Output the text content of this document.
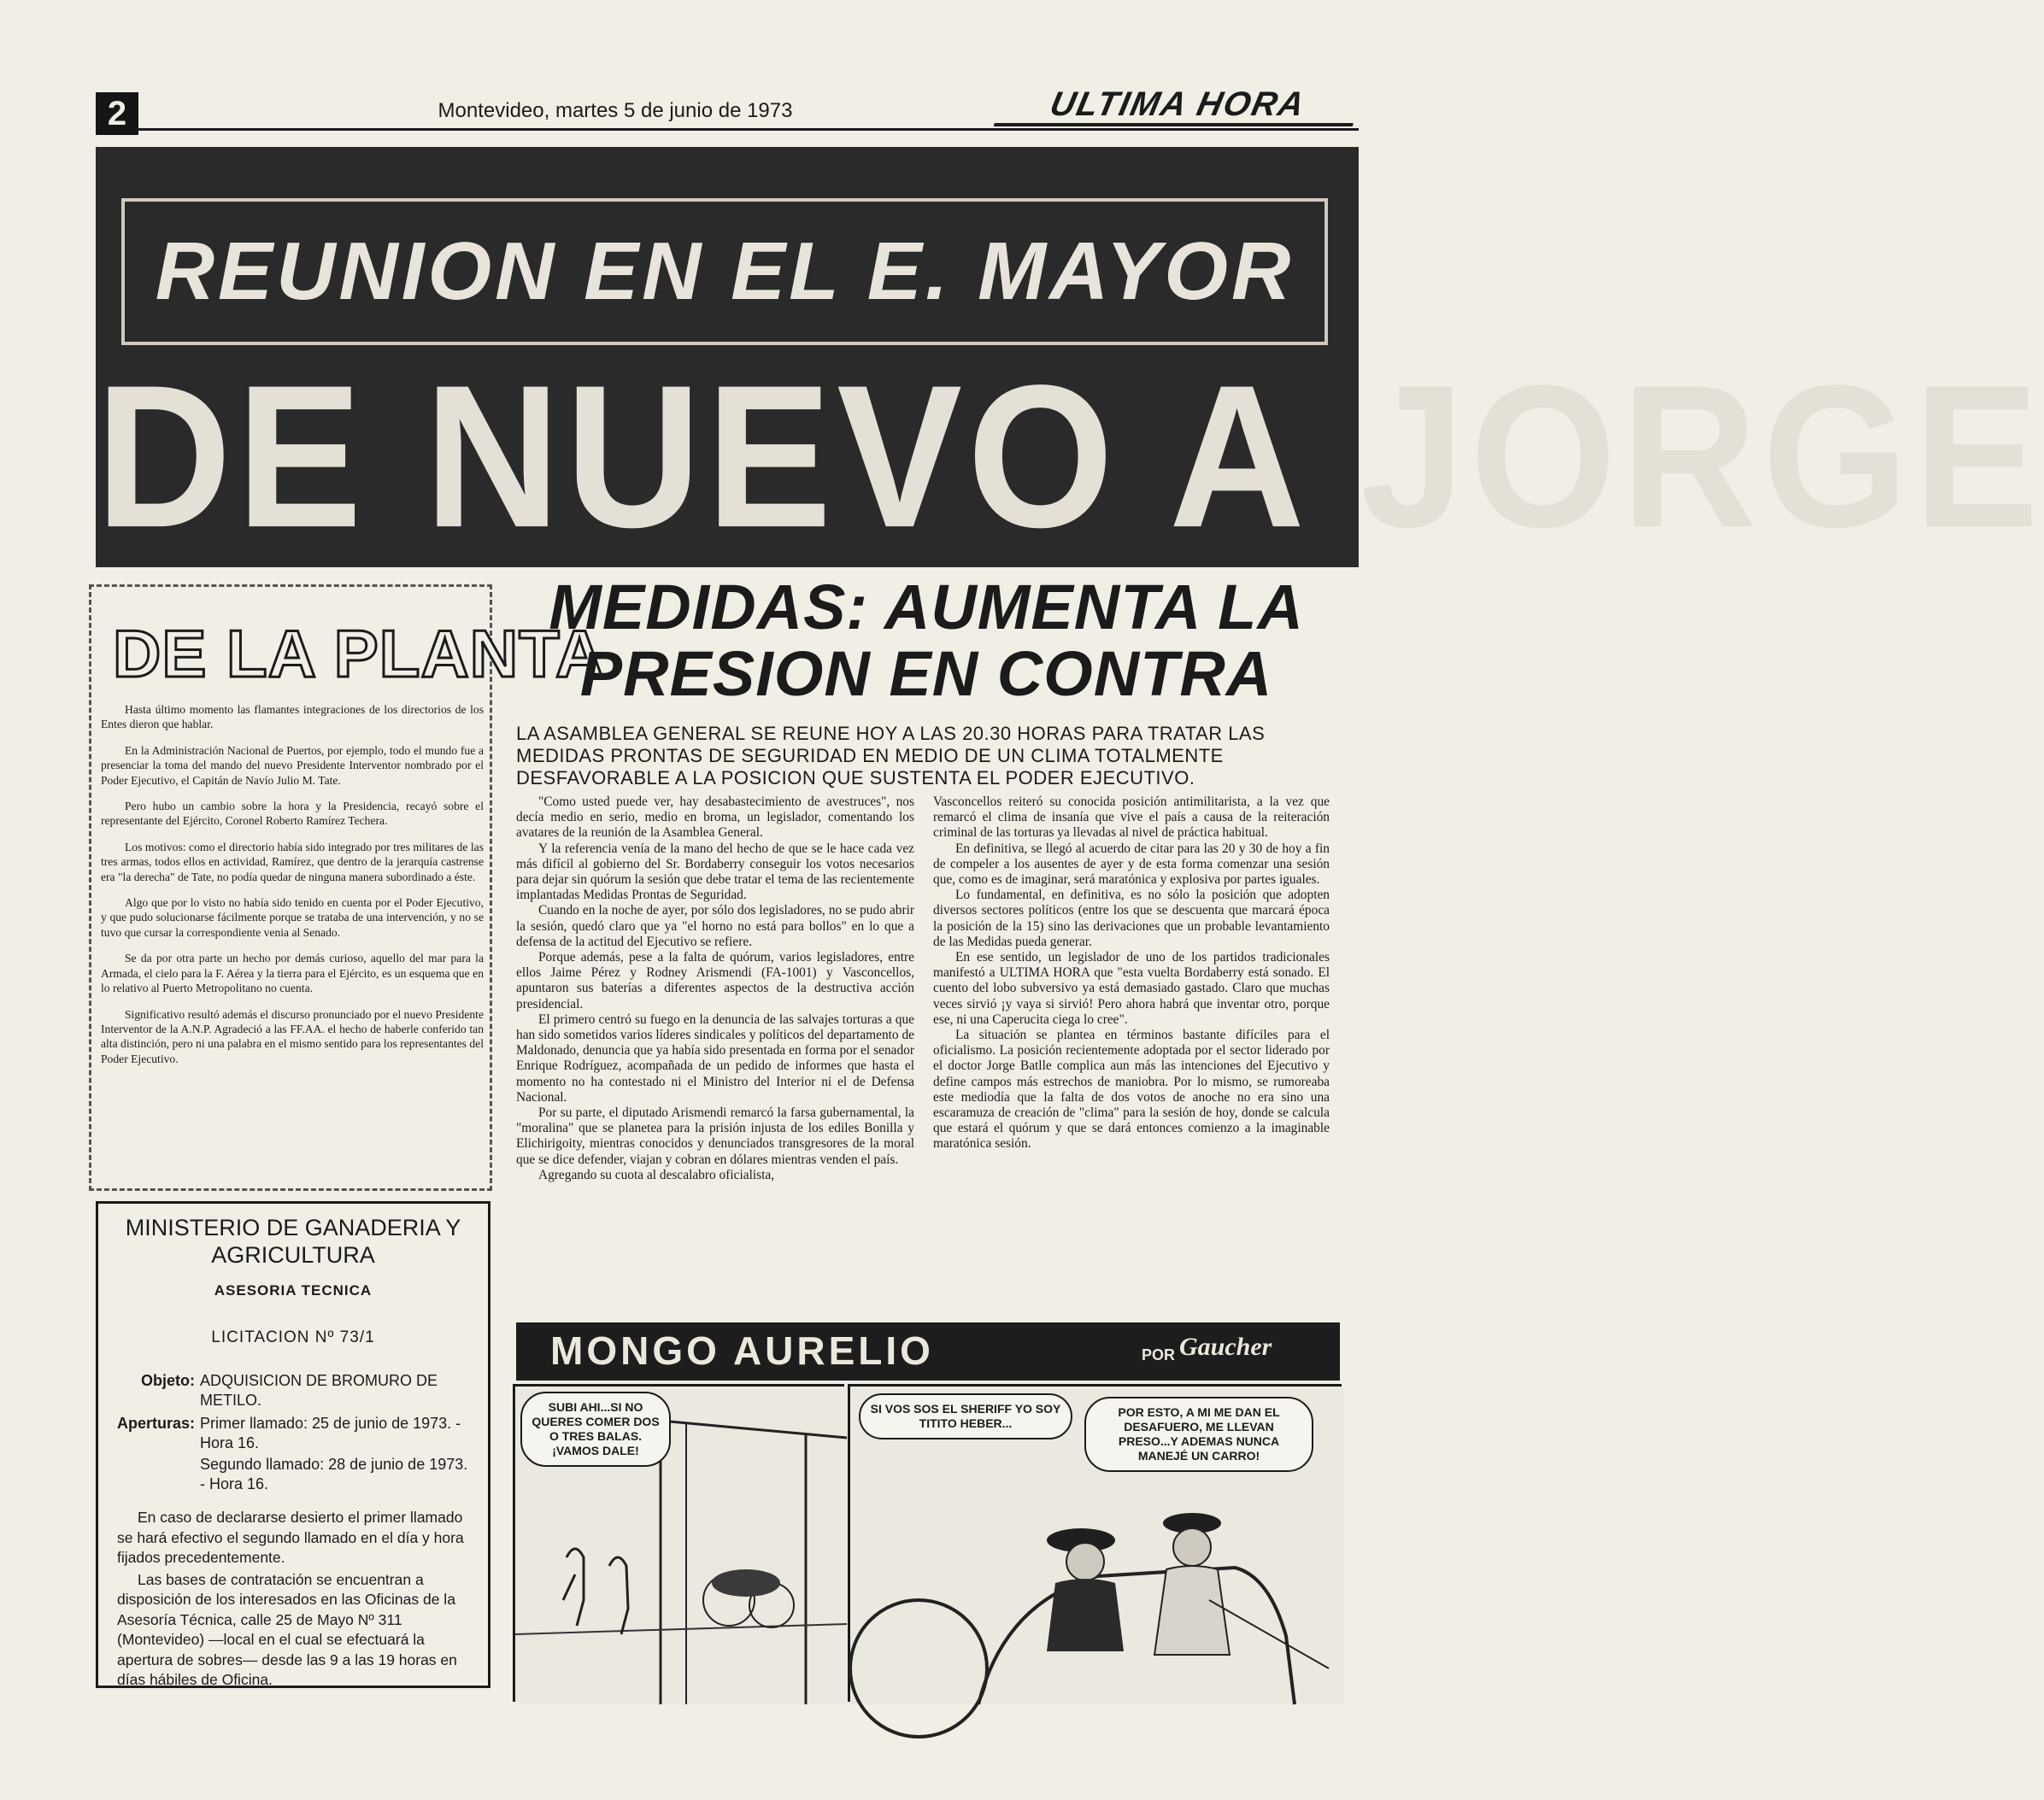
2	Montevideo, martes 5 de junio de 1973	ULTIMA HORA
REUNION EN EL E. MAYOR
DE NUEVO A JORGE
DE LA PLANTA

Hasta último momento las flamantes integraciones de los directorios de los Entes dieron que hablar.

En la Administración Nacional de Puertos, por ejemplo, todo el mundo fue a presenciar la toma del mando del nuevo Presidente Interventor nombrado por el Poder Ejecutivo, el Capitán de Navío Julio M. Tate.

Pero hubo un cambio sobre la hora y la Presidencia, recayó sobre el representante del Ejército, Coronel Roberto Ramírez Techera.

Los motivos: como el directorio había sido integrado por tres militares de las tres armas, todos ellos en actividad, Ramírez, que dentro de la jerarquía castrense era "la derecha" de Tate, no podía quedar de ninguna manera subordinado a éste.

Algo que por lo visto no había sido tenido en cuenta por el Poder Ejecutivo, y que pudo solucionarse fácilmente porque se trataba de una intervención, y no se tuvo que cursar la correspondiente venia al Senado.

Se da por otra parte un hecho por demás curioso, aquello del mar para la Armada, el cielo para la F. Aérea y la tierra para el Ejército, es un esquema que en lo relativo al Puerto Metropolitano no cuenta.

Significativo resultó además el discurso pronunciado por el nuevo Presidente Interventor de la A.N.P. Agradeció a las FF.AA. el hecho de haberle conferido tan alta distinción, pero ni una palabra en el mismo sentido para los representantes del Poder Ejecutivo.

MINISTERIO DE GANADERIA Y AGRICULTURA
ASESORIA TECNICA
LICITACION Nº 73/1
Objeto: ADQUISICION DE BROMURO DE METILO.
Aperturas: Primer llamado: 25 de junio de 1973. - Hora 16.
Segundo llamado: 28 de junio de 1973. - Hora 16.

En caso de declararse desierto el primer llamado se hará efectivo el segundo llamado en el día y hora fijados precedentemente.

Las bases de contratación se encuentran a disposición de los interesados en las Oficinas de la Asesoría Técnica, calle 25 de Mayo Nº 311 (Montevideo) —local en el cual se efectuará la apertura de sobres— desde las 9 a las 19 horas en días hábiles de Oficina.

MEDIDAS: AUMENTA LA PRESION EN CONTRA
LA ASAMBLEA GENERAL SE REUNE HOY A LAS 20.30 HORAS PARA TRATAR LAS MEDIDAS PRONTAS DE SEGURIDAD EN MEDIO DE UN CLIMA TOTALMENTE DESFAVORABLE A LA POSICION QUE SUSTENTA EL PODER EJECUTIVO.

"Como usted puede ver, hay desabastecimiento de avestruces", nos decía medio en serio, medio en broma, un legislador, comentando los avatares de la reunión de la Asamblea General.

Y la referencia venía de la mano del hecho de que se le hace cada vez más difícil al gobierno del Sr. Bordaberry conseguir los votos necesarios para dejar sin quórum la sesión que debe tratar el tema de las recientemente implantadas Medidas Prontas de Seguridad.

Cuando en la noche de ayer, por sólo dos legisladores, no se pudo abrir la sesión, quedó claro que ya "el horno no está para bollos" en lo que a defensa de la actitud del Ejecutivo se refiere.

Porque además, pese a la falta de quórum, varios legisladores, entre ellos Jaime Pérez y Rodney Arismendi (FA-1001) y Vasconcellos, apuntaron sus baterías a diferentes aspectos de la destructiva acción presidencial.

El primero centró su fuego en la denuncia de las salvajes torturas a que han sido sometidos varios líderes sindicales y políticos del departamento de Maldonado, denuncia que ya había sido presentada en forma por el senador Enrique Rodríguez, acompañada de un pedido de informes que hasta el momento no ha contestado ni el Ministro del Interior ni el de Defensa Nacional.

Por su parte, el diputado Arismendi remarcó la farsa gubernamental, la "moralina" que se planetea para la prisión injusta de los ediles Bonilla y Elichirigoity, mientras conocidos y denunciados transgresores de la moral que se dice defender, viajan y cobran en dólares mientras venden el país.

Agregando su cuota al descalabro oficialista,

Vasconcellos reiteró su conocida posición antimilitarista, a la vez que remarcó el clima de insanía que vive el país a causa de la reiteración criminal de las torturas ya llevadas al nivel de práctica habitual.

En definitiva, se llegó al acuerdo de citar para las 20 y 30 de hoy a fin de compeler a los ausentes de ayer y de esta forma comenzar una sesión que, como es de imaginar, será maratónica y explosiva por partes iguales.

Lo fundamental, en definitiva, es no sólo la posición que adopten diversos sectores políticos (entre los que se descuenta que marcará época la posición de la 15) sino las derivaciones que un probable levantamiento de las Medidas pueda generar.

En ese sentido, un legislador de uno de los partidos tradicionales manifestó a ULTIMA HORA que "esta vuelta Bordaberry está sonado. El cuento del lobo subversivo ya está demasiado gastado. Claro que muchas veces sirvió ¡y vaya si sirvió! Pero ahora habrá que inventar otro, porque ese, ni una Caperucita ciega lo cree".

La situación se plantea en términos bastante difíciles para el oficialismo. La posición recientemente adoptada por el sector liderado por el doctor Jorge Batlle complica aun más las intenciones del Ejecutivo y define campos más estrechos de maniobra. Por lo mismo, se rumoreaba este mediodía que la falta de dos votos de anoche no era sino una escaramuza de creación de "clima" para la sesión de hoy, donde se calcula que estará el quórum y que se dará entonces comienzo a la imaginable maratónica sesión.

MONGO AURELIO	POR Gaucher
SUBI AHI...SI NO QUERES COMER DOS O TRES BALAS. ¡VAMOS DALE!
SI VOS SOS EL SHERIFF YO SOY TITITO HEBER...
POR ESTO, A MI ME DAN EL DESAFUERO, ME LLEVAN PRESO...Y ADEMAS NUNCA MANEJÉ UN CARRO!
